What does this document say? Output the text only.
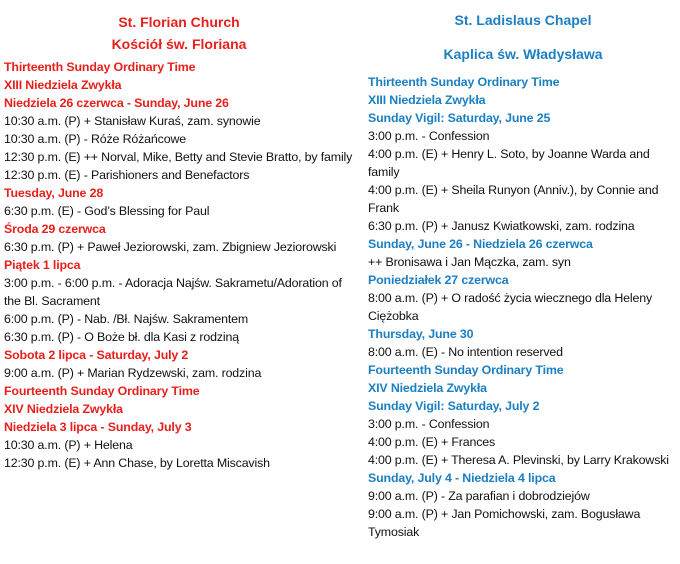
St. Florian Church
Kościół św. Floriana
Thirteenth Sunday Ordinary Time
XIII Niedziela Zwykła
Niedziela 26 czerwca - Sunday, June 26
10:30 a.m. (P) + Stanisław Kuraś, zam. synowie
10:30 a.m. (P) - Róże Różańcowe
12:30 p.m. (E) ++ Norval, Mike, Betty and Stevie Bratto, by family
12:30 p.m. (E) - Parishioners and Benefactors
Tuesday, June 28
6:30 p.m. (E) - God’s Blessing for Paul
Środa 29 czerwca
6:30 p.m. (P) + Paweł Jeziorowski, zam. Zbigniew Jeziorowski
Piątek 1 lipca
3:00 p.m. - 6:00 p.m. - Adoracja Najśw. Sakrametu/Adoration of the Bl. Sacrament
6:00 p.m. (P) - Nab. /Bł. Najśw. Sakramentem
6:30 p.m. (P) - O Boże bł. dla Kasi z rodziną
Sobota 2 lipca - Saturday, July 2
9:00 a.m. (P) + Marian Rydzewski, zam. rodzina
Fourteenth Sunday Ordinary Time
XIV Niedziela Zwykła
Niedziela 3 lipca - Sunday, July 3
10:30 a.m. (P) + Helena
12:30 p.m. (E) + Ann Chase, by Loretta Miscavish
St. Ladislaus Chapel
Kaplica św. Władysława
Thirteenth Sunday Ordinary Time
XIII Niedziela Zwykła
Sunday Vigil: Saturday, June 25
3:00 p.m. - Confession
4:00 p.m. (E) + Henry L. Soto, by Joanne Warda and family
4:00 p.m. (E) + Sheila Runyon (Anniv.), by Connie and Frank
6:30 p.m. (P) + Janusz Kwiatkowski, zam. rodzina
Sunday, June 26 - Niedziela 26 czerwca
++ Bronisawa i Jan Mączka, zam. syn
Poniedziałek 27 czerwca
8:00 a.m. (P) + O radość życia wiecznego dla Heleny Ciężobka
Thursday, June 30
8:00 a.m. (E) - No intention reserved
Fourteenth Sunday Ordinary Time
XIV Niedziela Zwykła
Sunday Vigil: Saturday, July 2
3:00 p.m. - Confession
4:00 p.m. (E) + Frances
4:00 p.m. (E) + Theresa A. Plevinski, by Larry Krakowski
Sunday, July 4 - Niedziela 4 lipca
9:00 a.m. (P) - Za parafian i dobrodziejów
9:00 a.m. (P) + Jan Pomichowski, zam. Bogusława Tymosiak
